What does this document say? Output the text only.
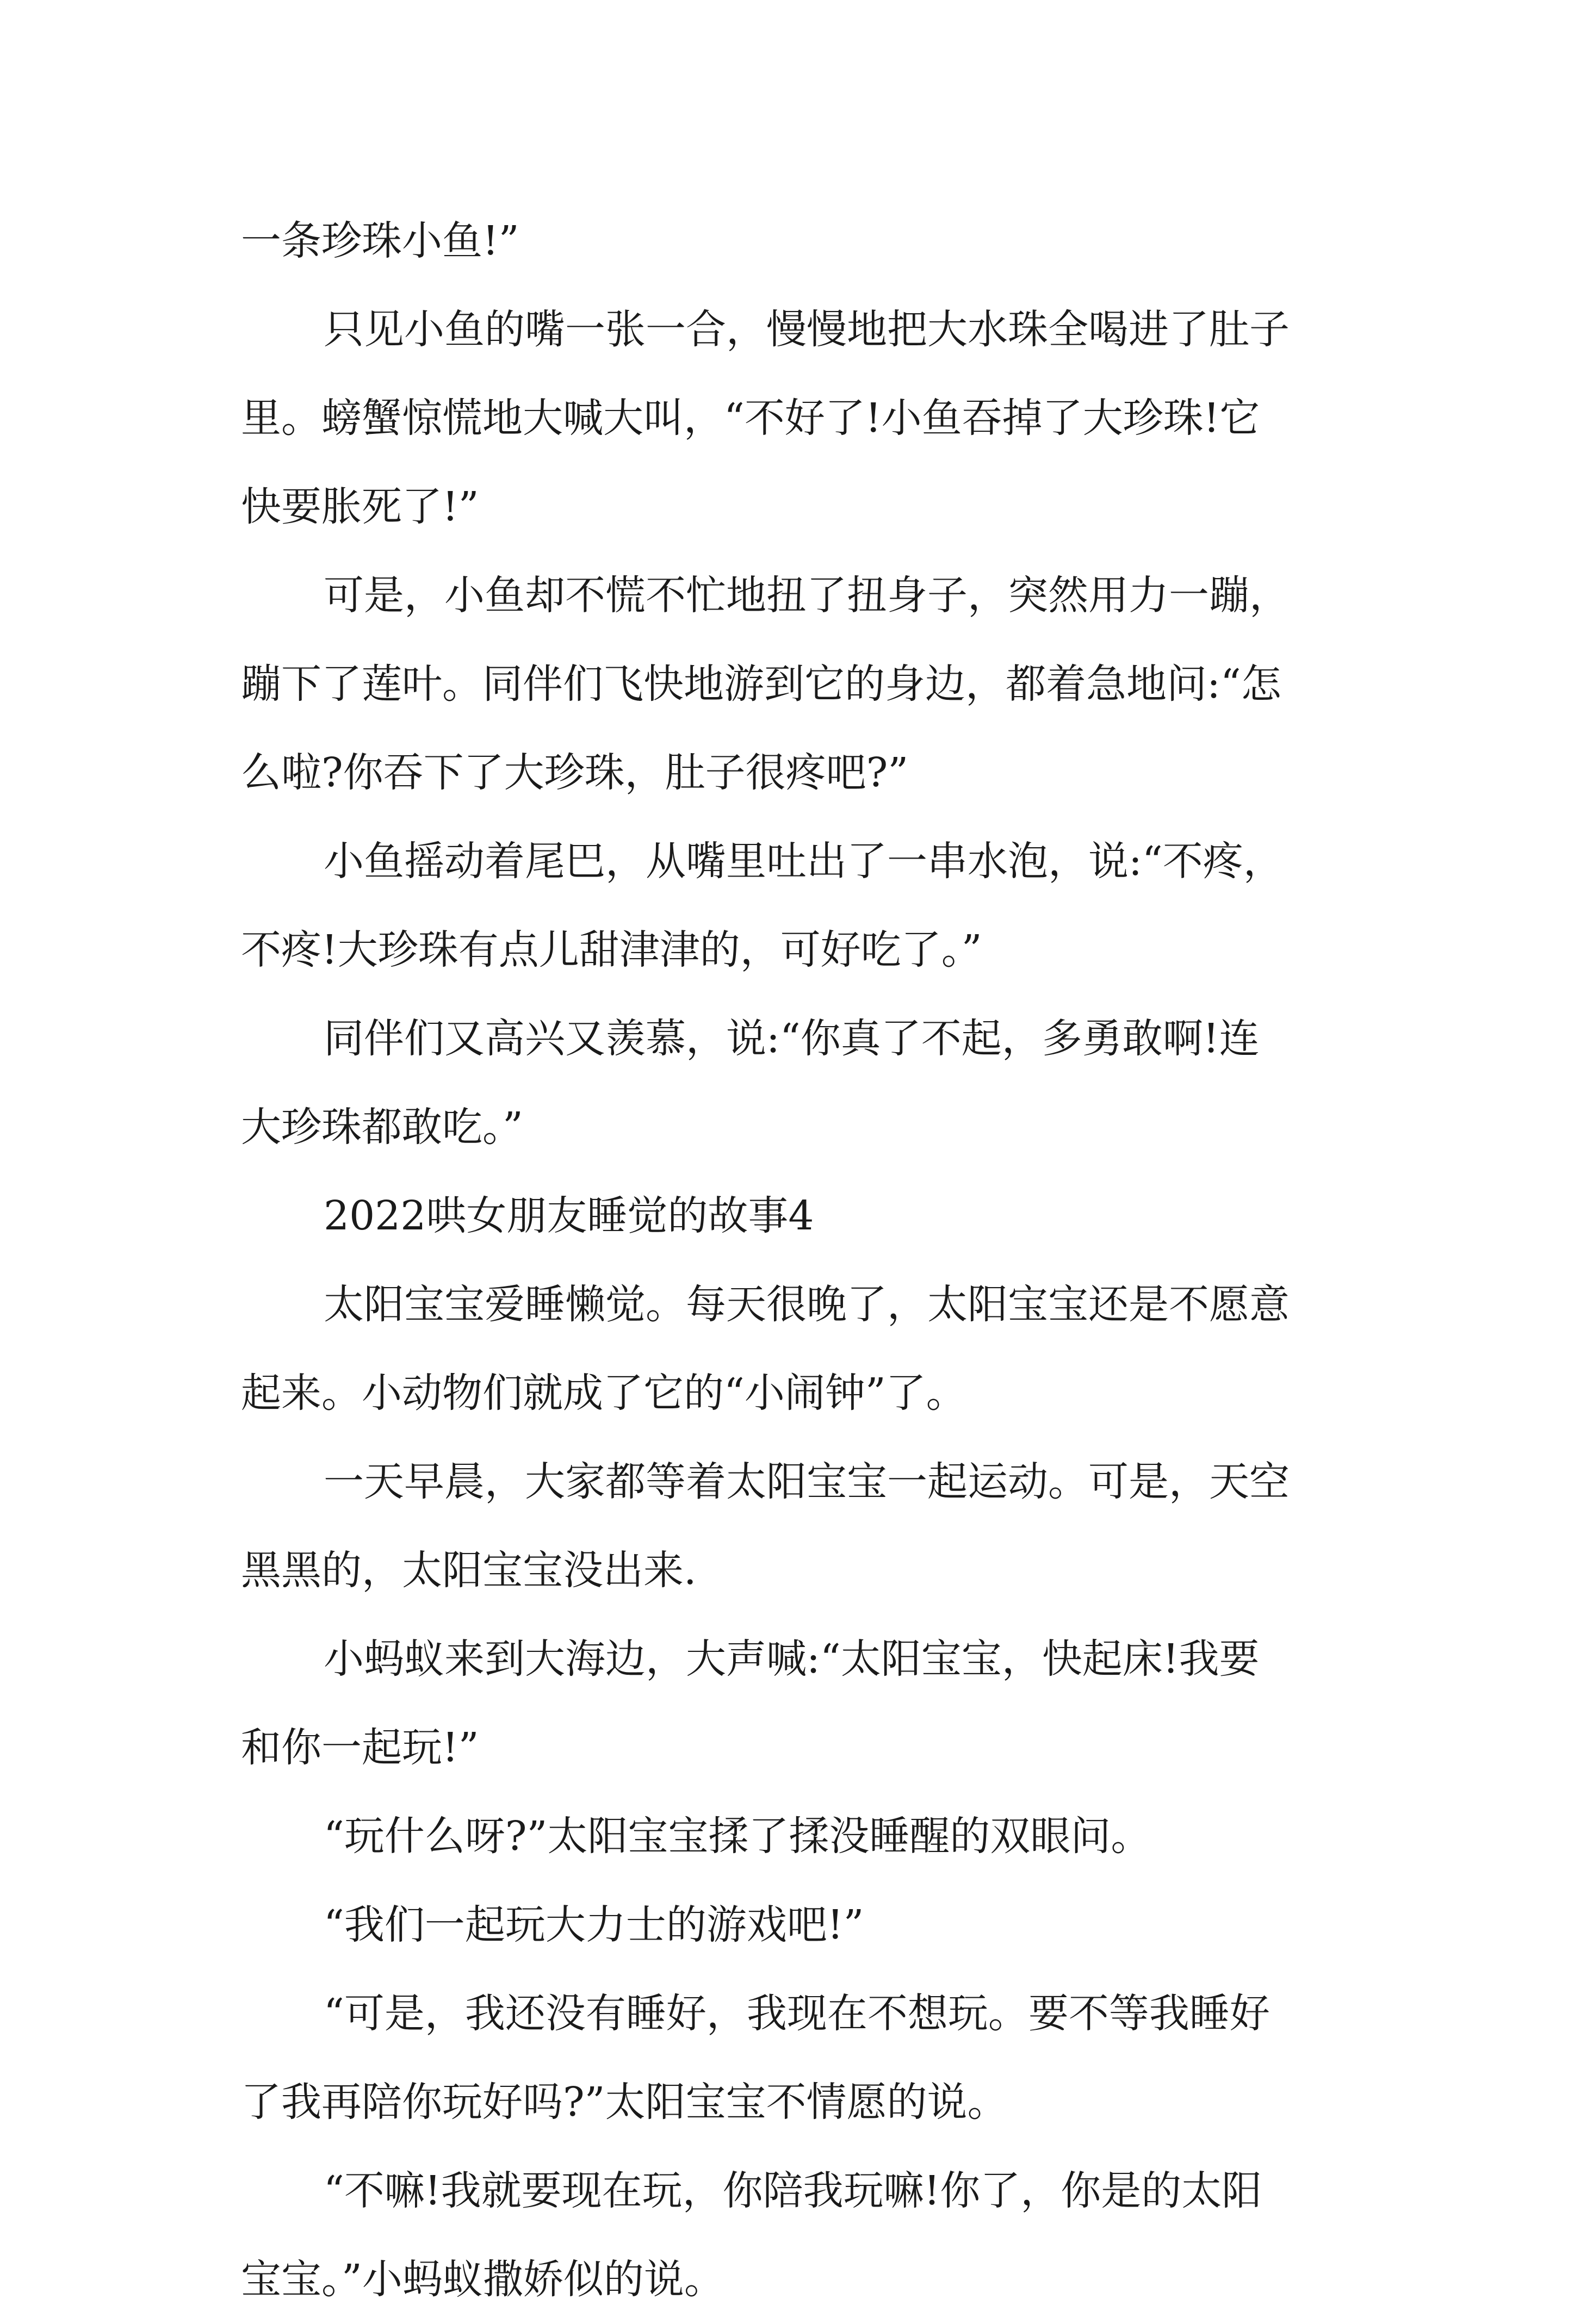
一条珍珠小鱼!”
只见小鱼的嘴一张一合，慢慢地把大水珠全喝进了肚子
里。螃蟹惊慌地大喊大叫，“不好了!小鱼吞掉了大珍珠!它
快要胀死了!”
可是，小鱼却不慌不忙地扭了扭身子，突然用力一蹦，
蹦下了莲叶。同伴们飞快地游到它的身边，都着急地问:“怎
么啦?你吞下了大珍珠，肚子很疼吧?”
小鱼摇动着尾巴，从嘴里吐出了一串水泡，说:“不疼，
不疼!大珍珠有点儿甜津津的，可好吃了。”
同伴们又高兴又羡慕，说:“你真了不起，多勇敢啊!连
大珍珠都敢吃。”
2022哄女朋友睡觉的故事4
太阳宝宝爱睡懒觉。每天很晚了，太阳宝宝还是不愿意
起来。小动物们就成了它的“小闹钟”了。
一天早晨，大家都等着太阳宝宝一起运动。可是，天空
黑黑的，太阳宝宝没出来.
小蚂蚁来到大海边，大声喊:“太阳宝宝，快起床!我要
和你一起玩!”
“玩什么呀?”太阳宝宝揉了揉没睡醒的双眼问。
“我们一起玩大力士的游戏吧!”
“可是，我还没有睡好，我现在不想玩。要不等我睡好
了我再陪你玩好吗?”太阳宝宝不情愿的说。
“不嘛!我就要现在玩，你陪我玩嘛!你了，你是的太阳
宝宝。”小蚂蚁撒娇似的说。
